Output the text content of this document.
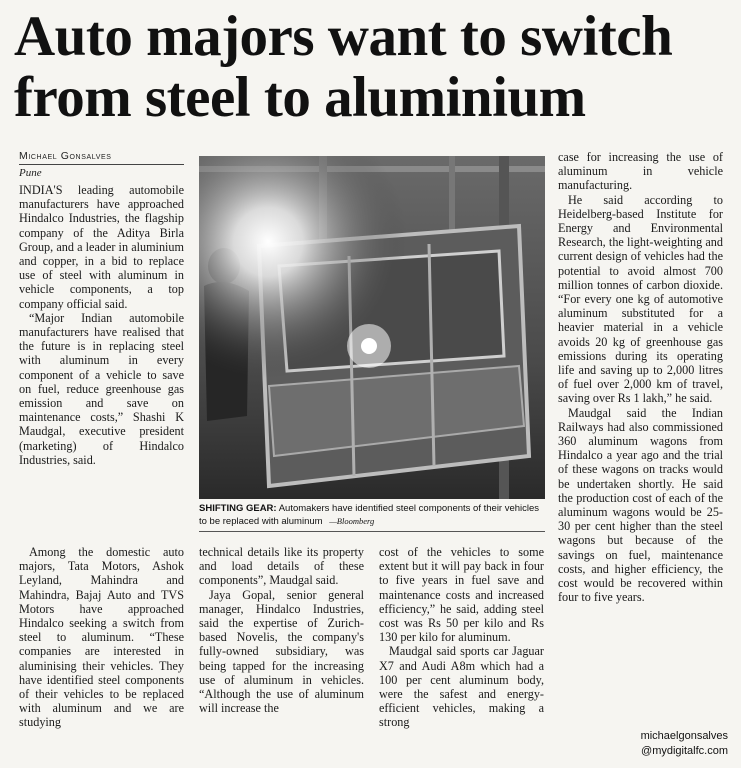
Auto majors want to switch from steel to aluminium
Michael Gonsalves
Pune

INDIA'S leading automobile manufacturers have approached Hindalco Industries, the flagship company of the Aditya Birla Group, and a leader in aluminium and copper, in a bid to replace use of steel with aluminum in vehicle components, a top company official said.

“Major Indian automobile manufacturers have realised that the future is in replacing steel with aluminum in every component of a vehicle to save on fuel, reduce greenhouse gas emission and save on maintenance costs,” Shashi K Maudgal, executive president (marketing) of Hindalco Industries, said.

SHIFTING GEAR: Automakers have identified steel components of their vehicles to be replaced with aluminum —Bloomberg

Among the domestic auto majors, Tata Motors, Ashok Leyland, Mahindra and Mahindra, Bajaj Auto and TVS Motors have approached Hindalco seeking a switch from steel to aluminum. “These companies are interested in aluminising their vehicles. They have identified steel components of their vehicles to be replaced with aluminum and we are studying

technical details like its property and load details of these components”, Maudgal said.

Jaya Gopal, senior general manager, Hindalco Industries, said the expertise of Zurich-based Novelis, the company's fully-owned subsidiary, was being tapped for the increasing use of aluminum in vehicles. “Although the use of aluminum will increase the

cost of the vehicles to some extent but it will pay back in four to five years in fuel save and maintenance costs and increased efficiency,” he said, adding steel cost was Rs 50 per kilo and Rs 130 per kilo for aluminum.

Maudgal said sports car Jaguar X7 and Audi A8m which had a 100 per cent aluminum body, were the safest and energy-efficient vehicles, making a strong

case for increasing the use of aluminum in vehicle manufacturing.

He said according to Heidelberg-based Institute for Energy and Environmental Research, the light-weighting and current design of vehicles had the potential to avoid almost 700 million tonnes of carbon dioxide. “For every one kg of automotive aluminum substituted for a heavier material in a vehicle avoids 20 kg of greenhouse gas emissions during its operating life and saving up to 2,000 litres of fuel over 2,000 km of travel, saving over Rs 1 lakh,” he said.

Maudgal said the Indian Railways had also commissioned 360 aluminum wagons from Hindalco a year ago and the trial of these wagons on tracks would be undertaken shortly. He said the production cost of each of the aluminum wagons would be 25-30 per cent higher than the steel wagons but because of the savings on fuel, maintenance costs, and higher efficiency, the cost would be recovered within four to five years.

michaelgonsalves
@mydigitalfc.com
